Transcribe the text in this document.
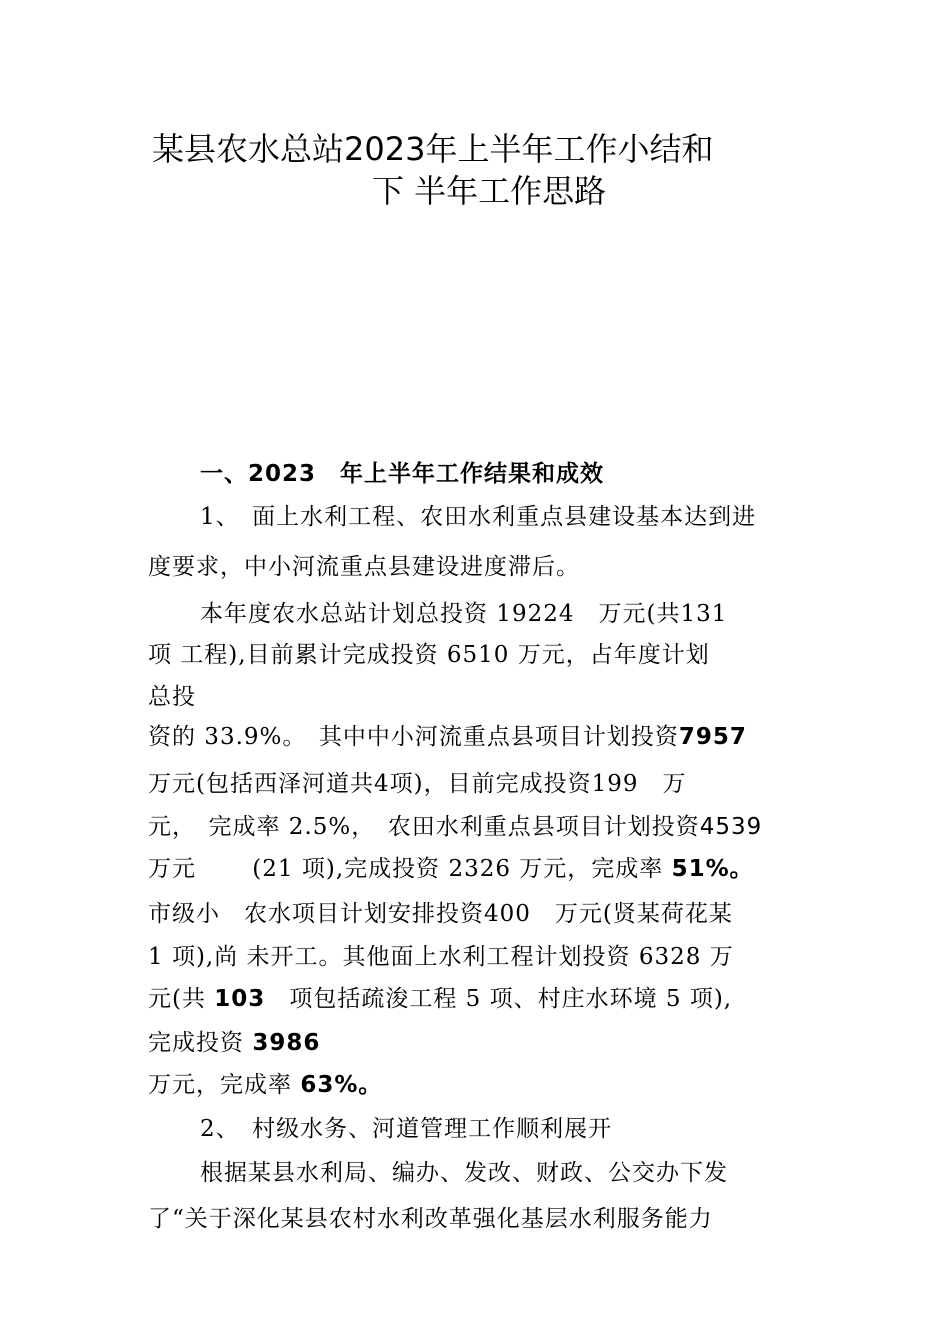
某县农水总站2023年上半年工作小结和
下 半年工作思路
一、2023　年上半年工作结果和成效
1、　面上水利工程、农田水利重点县建设基本达到进
度要求，中小河流重点县建设进度滞后。
本年度农水总站计划总投资 19224　万元(共131
项 工程),目前累计完成投资 6510 万元，占年度计划
总投
资的 33.9%。　其中中小河流重点县项目计划投资7957
万元(包括西泽河道共4项)，目前完成投资199　万
元，　完成率 2.5%，　农田水利重点县项目计划投资4539
万元　　 (21 项),完成投资 2326 万元，完成率 51%。
市级小　农水项目计划安排投资400　万元(贤某荷花某
1 项),尚 未开工。其他面上水利工程计划投资 6328 万
元(共 103　 项包括疏浚工程 5 项、村庄水环境 5 项),
完成投资 3986
万元，完成率 63%。
2、　村级水务、河道管理工作顺利展开
根据某县水利局、编办、发改、财政、公交办下发
了“关于深化某县农村水利改革强化基层水利服务能力
